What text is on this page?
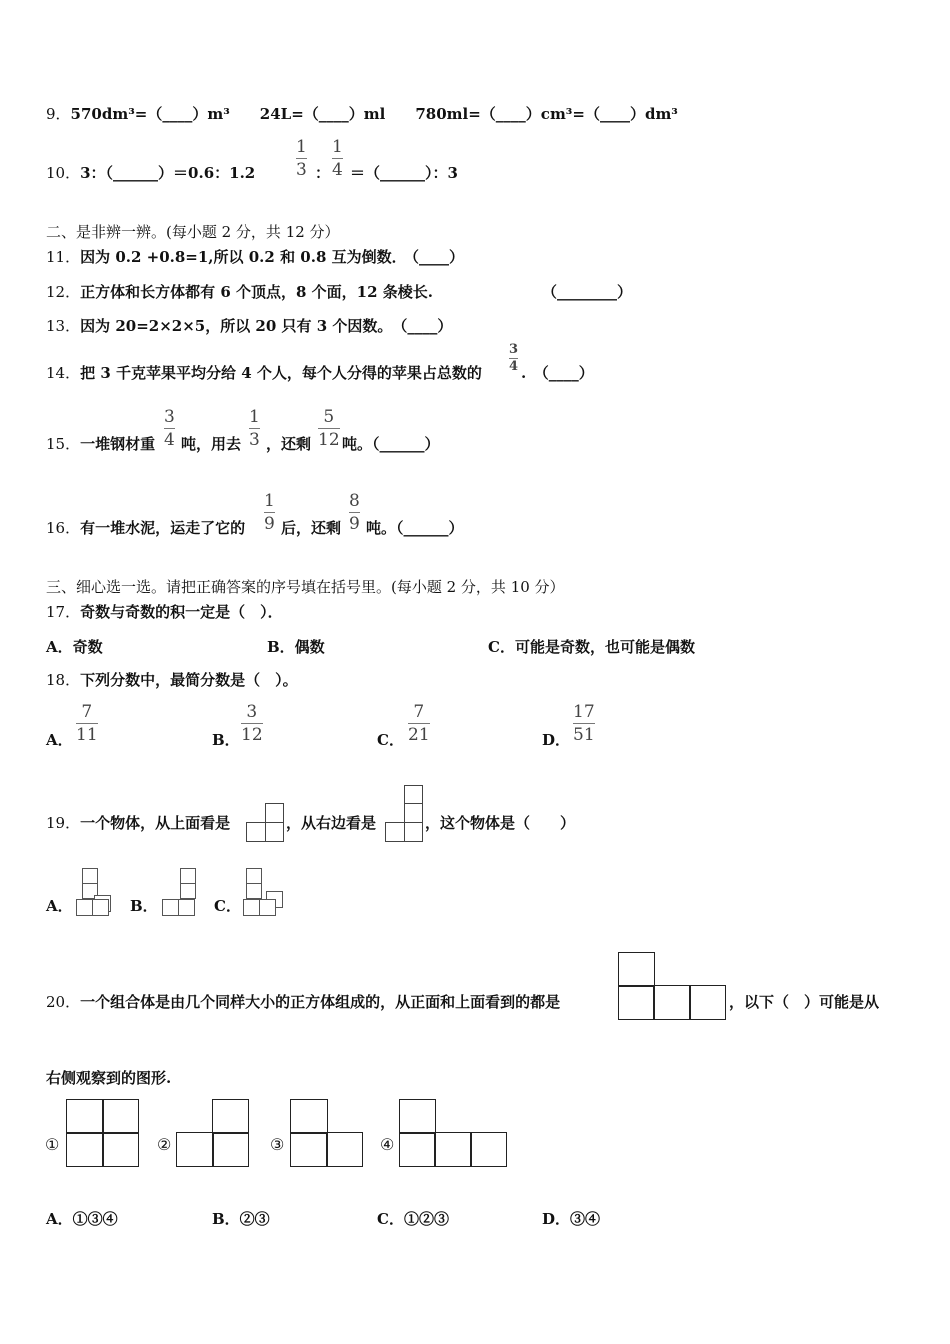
9．570dm³=（____）m³　　24L=（____）ml　　780ml=（____）cm³=（____）dm³
10．3：（______）＝0.6：1.2
1
3 ：
1
4 ＝（______）：3
二、是非辨一辨。(每小题 2 分，共 12 分）
11．因为 0.2 +0.8=1,所以 0.2 和 0.8 互为倒数．
（____）
12．正方体和长方体都有 6 个顶点，8 个面，12 条棱长.	（________）
13．因为 20=2×2×5，所以 20 只有 3 个因数。　（____）
14．把 3 千克苹果平均分给 4 个人，每个人分得的苹果占总数的
3
4 .　（____）
15．一堆钢材重
3
4 吨，用去
1
3 ，还剩
5
12 吨。（______）
16．有一堆水泥，运走了它的
1
9 后，还剩
8
9 吨。（______）
三、细心选一选。请把正确答案的序号填在括号里。(每小题 2 分，共 10 分）
17．奇数与奇数的积一定是（　）．
A．奇数	B．偶数	C．可能是奇数，也可能是偶数
18．下列分数中，最简分数是（　）。
A．
7
11	B．
3
12	C．
7
21	D．
17
51
19．一个物体，从上面看是	，从右边看是	，这个物体是（　　）
A．	B．	C．
20．一个组合体是由几个同样大小的正方体组成的，从正面和上面看到的都是	，以下（　）可能是从
右侧观察到的图形.
①	②	③	④
A．①③④	B．②③	C．①②③	D．③④
